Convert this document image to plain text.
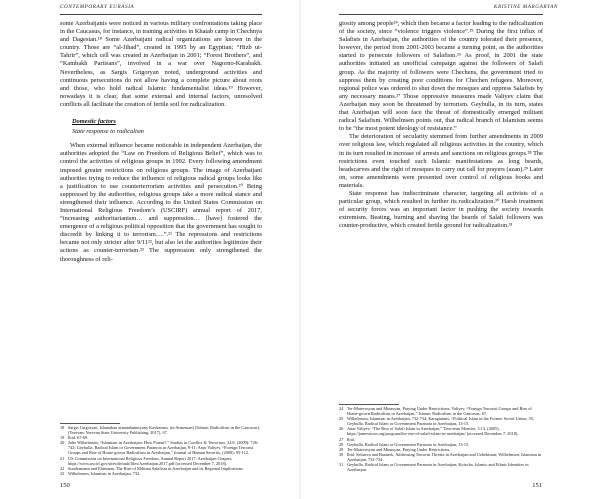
CONTEMPORARY EURASIA

some Azerbaijanis were noticed in various military confrontations taking place in the Caucasus, for instance, in training activities in Khatab camp in Chechnya and Dagestan.¹⁸ Some Azerbaijani radical organizations are known in the country. Those are “al-Jihad”, created in 1995 by an Egyptian; “Hizb ut-Tahrir”, which cell was created in Azerbaijan in 2001; “Forest Brothers”, and “Kambakh Partisans”, involved in a war over Nagorno-Karabakh. Nevertheless, as Sargis Grigoryan noted, underground activities and continuous persecutions do not allow having a complete picture about roots and those, who hold radical Islamic fundamentalist ideas.¹⁹ However, nowadays it is clear, that some external and internal factors, unresolved conflicts all facilitate the creation of fertile soil for radicalization.

Domestic factors

State response to radicalism

When external influence became noticeable in independent Azerbaijan, the authorities adopted the “Law on Freedom of Religious Belief”, which was to control the activities of religious groups in 1992. Every following amendment imposed greater restrictions on religious groups. The image of Azerbaijani authorities trying to reduce the influence of religious radical groups looks like a justification to use counterterrorism activities and persecution.²⁰ Being suppressed by the authorities, religious groups take a more radical stance and strengthened their influence. According to the United States Commission on International Religious Freedom’s (USCIRF) annual report of 2017, “increasing authoritarianism… and suppression… [have] fostered the emergence of a religious political opposition that the government has sought to discredit by linking it to terrorism….”.²¹ The repressions and restrictions became not only stricter after 9/11²², but also let the authorities legitimize their actions as counter-terrorism.²³ The suppression only strengthened the thoroughness of reli-

18 Sargis Grigoryan, Islamakan armatakanutyuny Kavkasum, (in Armenian) [Islamic Radicalism in the Caucasus], (Yerevan: Yerevan State University Publishing, 2017), 67.
19 Ibid. 67-69.
20 Julie Wilhelmsen, “Islamism in Azerbaijan: How Potent?,” Studies in Conflict & Terrorism, 32:8, (2009): 726-742; Geybulla, Radical Islam or Government Paranoia in Azerbaijan, 9-11; Anar Valiyev, “Foreign Terrorist Groups and Rise of Home-grown Radicalism in Azerbaijan,” Journal of Human Security, (2008): 95-112.
21 US Commission on International Religious Freedom, Annual Report 2017: Azerbaijan Chapter, https://www.uscirf.gov/sites/default/files/Azerbaijan.2017.pdf (accessed December 7, 2018).
22 Sondermann and Ehrmann, The Rise of Militant Salafism in Azerbaijan and its Regional Implications.
23 Wilhelmsen, Islamism in Azerbaijan, 732.
150
KRISTINE MARGARYAN

giosity among people²⁴, which then became a factor leading to the radicalization of the society, since “violence triggers violence”.²⁵ During the first influx of Salafists in Azerbaijan, the authorities of the country tolerated their presence, however, the period from 2001-2003 became a turning point, as the authorities started to persecute followers of Salafism.²⁶ As proof, in 2001 the state authorities initiated an unofficial campaign against the followers of Salafi group. As the majority of followers were Chechens, the government tried to suppress them by creating poor conditions for Chechen refugees. Moreover, regional police was ordered to shut down the mosques and oppress Salafists by any necessary means.²⁷ Those oppressive measures made Valiyev claim that Azerbaijan may soon be threatened by terrorism. Geybulla, in its turn, states that Azerbaijan will soon face the threat of domestically emerged militant radical Salafism. Wilhelmsen points out, that radical branch of Islamism seems to be “the most potent ideology of resistance.”

The deterioration of secularity stemmed from further amendments in 2009 over religious law, which regulated all religious activities in the country, which in its turn resulted in increase of arrests and sanctions on religious groups.²⁸ The restrictions even touched such Islamic manifestations as long beards, headscarves and the right of mosques to carry out call for prayers (azan).²⁹ Later on, some amendments were presented over control of religious books and materials.

State response has indiscriminate character, targeting all activists of a particular group, which resulted in further its radicalization.³⁰ Harsh treatment of security forces was an important factor in pushing the society towards extremism. Beating, burning and shaving the beards of Salafi followers was counter-productive, which created fertile ground for radicalization.³¹

24 Ter-Matevosyan and Minasyan, Praying Under Restrictions; Valiyev, “Foreign Terrorist Groups and Rise of Home-grown Radicalism in Azerbaijan,” Islamic Radicalism in the Caucasus, 67.
25 Wilhelmsen, Islamism in Azerbaijan, 732-734; Karagiannis, “Political Islam in the Former Soviet Union, 55; Geybulla, Radical Islam or Government Paranoia in Azerbaijan, 13-15.
26 Anar Valiyev, “The Rise of Salafi Islam in Azerbaijan,” Terrorism Monitor, 3:13, (2005), https://jamestown.org/program/the-rise-of-salafi-islam-in-azerbaijan/ (accessed December 7, 2018).
27 Ibid.
28 Geybulla, Radical Islam or Government Paranoia in Azerbaijan, 13-15.
29 Ter-Matevosyan and Minasyan, Praying Under Restrictions.
30 Ibid. Seliaeva and Baranek, Addressing Terrorist Threats in Azerbaijan and Uzbekistan; Wilhelmsen, Islamism in Azerbaijan, 732-734.
31 Geybulla, Radical Islam or Government Paranoia in Azerbaijan; Kotecha, Islamic and Ethnic Identities in Azerbaijan.
151
